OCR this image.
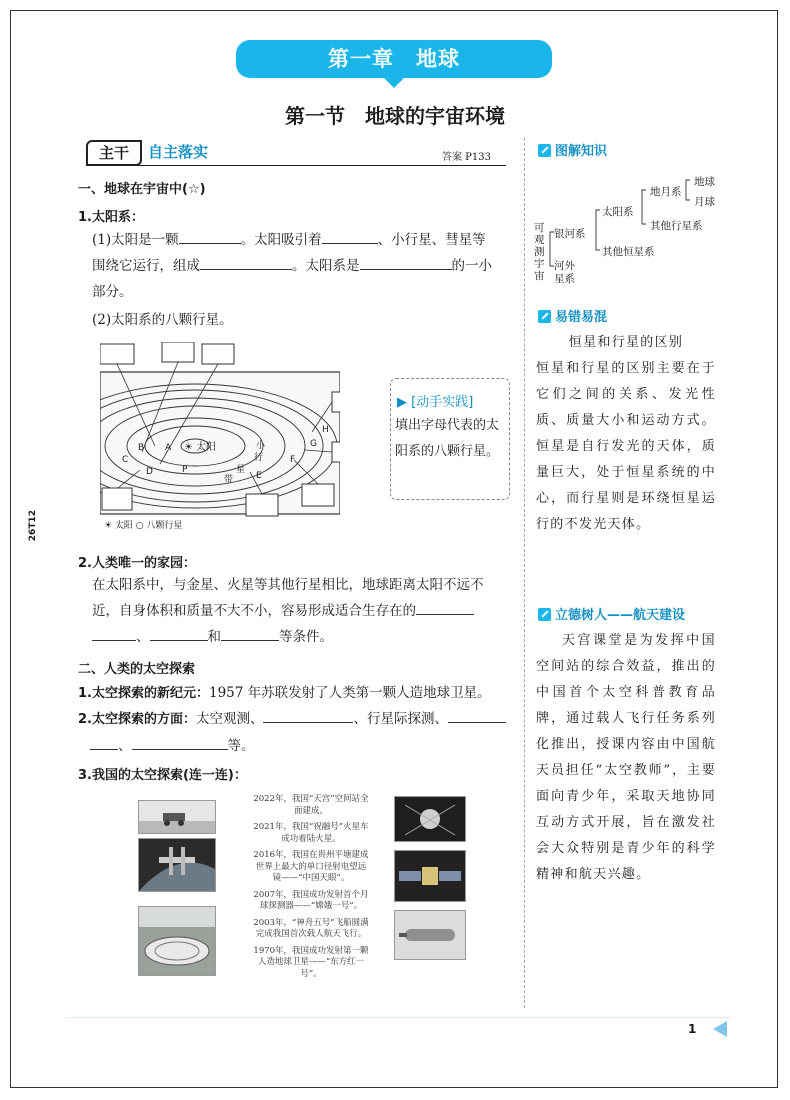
26T12
第一章　地球
第一节　地球的宇宙环境
主干	自主落实	答案 P133
一、地球在宇宙中(☆)
1.太阳系：
(1)太阳是一颗	。太阳吸引着	、小行星、彗星等
围绕它运行，组成	。太阳系是	的一小
部分。
(2)太阳系的八颗行星。
A
B
C
D	E
F
G
H
P
太阳	小
行
星
带
☀
☀ 太阳 ○ 八颗行星
▶ [动手实践]
填出字母代表的太阳系的八颗行星。
2.人类唯一的家园：
在太阳系中，与金星、火星等其他行星相比，地球距离太阳不远不
近，自身体积和质量不大不小，容易形成适合生存在的
、	和	等条件。
二、人类的太空探索
1.太空探索的新纪元：1957 年苏联发射了人类第一颗人造地球卫星。
2.太空探索的方面：太空观测、	、行星际探测、
、	等。
3.我国的太空探索(连一连)：
2022年，我国“天宫”空间站全面建成。
2021年，我国“祝融号”火星车成功着陆火星。
2016年，我国在贵州平塘建成世界上最大的单口径射电望远镜——“中国天眼”。
2007年，我国成功发射首个月球探测器——“嫦娥一号”。
2003年，“神舟五号”飞船圆满完成我国首次载人航天飞行。
1970年，我国成功发射第一颗人造地球卫星——“东方红一号”。
图解知识
可观测宇宙
银河系
河外星系
太阳系
其他恒星系
地月系
其他行星系
地球
月球
易错易混
恒星和行星的区别
恒星和行星的区别主要在于它们之间的关系、发光性质、质量大小和运动方式。恒星是自行发光的天体，质量巨大，处于恒星系统的中心，而行星则是环绕恒星运行的不发光天体。
立德树人——航天建设
天宫课堂是为发挥中国空间站的综合效益，推出的中国首个太空科普教育品牌，通过载人飞行任务系列化推出，授课内容由中国航天员担任“太空教师”，主要面向青少年，采取天地协同互动方式开展，旨在激发社会大众特别是青少年的科学精神和航天兴趣。
1
